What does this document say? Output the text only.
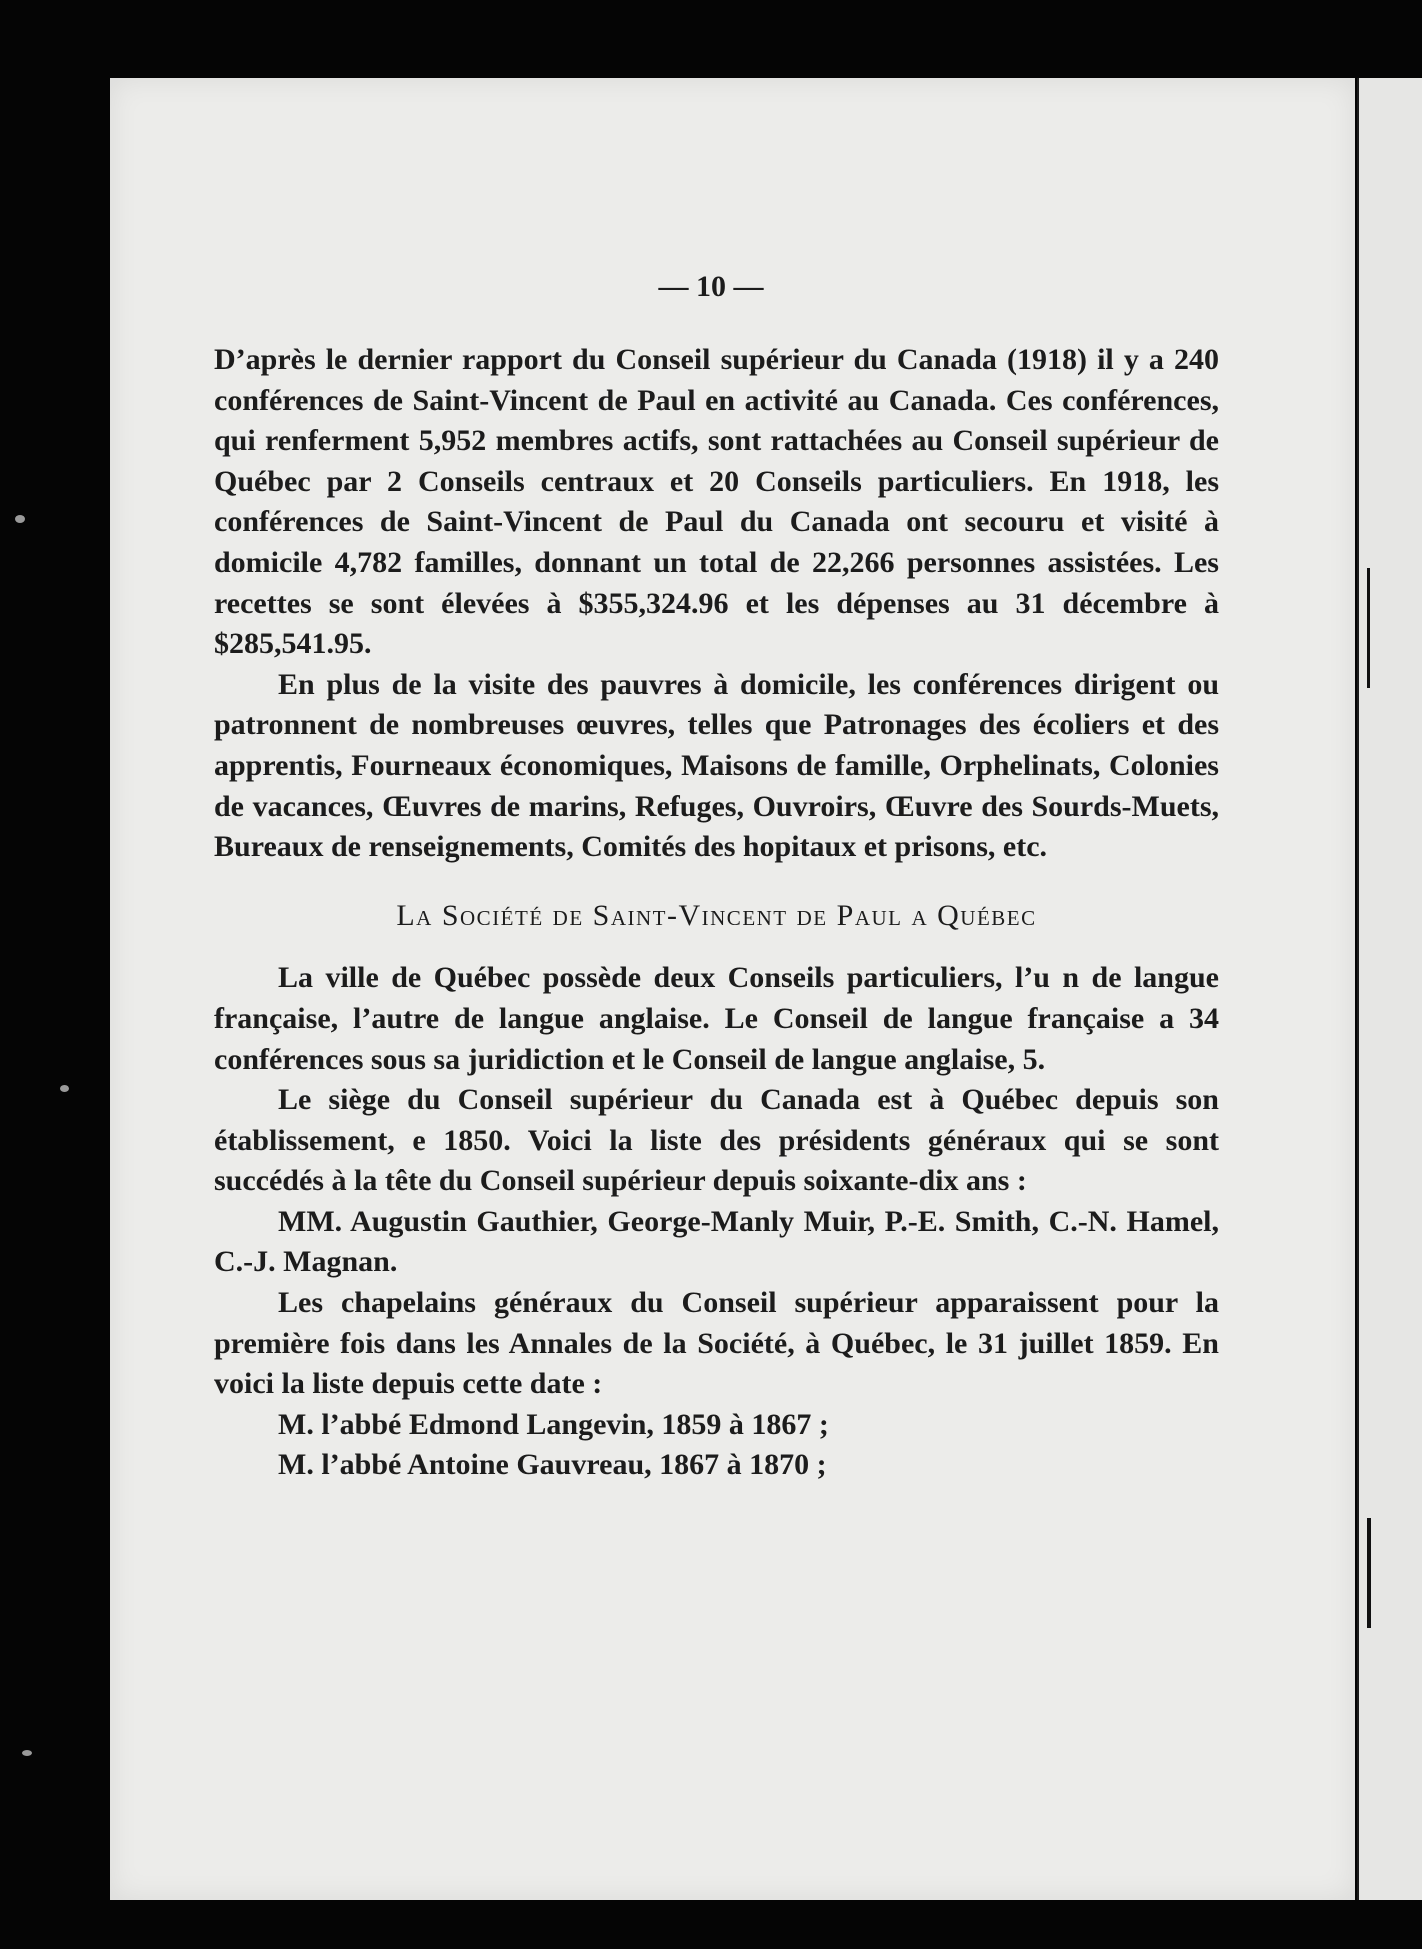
— 10 —

D’après le dernier rapport du Conseil supérieur du Canada (1918) il y a 240 conférences de Saint-Vincent de Paul en activité au Canada. Ces conférences, qui renferment 5,952 membres actifs, sont rattachées au Conseil supérieur de Québec par 2 Conseils centraux et 20 Conseils particuliers. En 1918, les conférences de Saint-Vincent de Paul du Canada ont secouru et visité à domicile 4,782 familles, donnant un total de 22,266 personnes assistées. Les recettes se sont élevées à $355,324.96 et les dépenses au 31 décembre à $285,541.95.

En plus de la visite des pauvres à domicile, les conférences dirigent ou patronnent de nombreuses œuvres, telles que Patronages des écoliers et des apprentis, Fourneaux économiques, Maisons de famille, Orphelinats, Colonies de vacances, Œuvres de marins, Refuges, Ouvroirs, Œuvre des Sourds-Muets, Bureaux de renseignements, Comités des hopitaux et prisons, etc.

La Société de Saint-Vincent de Paul a Québec

La ville de Québec possède deux Conseils particuliers, l’u n de langue française, l’autre de langue anglaise. Le Conseil de langue française a 34 conférences sous sa juridiction et le Conseil de langue anglaise, 5.

Le siège du Conseil supérieur du Canada est à Québec depuis son établissement, e 1850. Voici la liste des présidents généraux qui se sont succédés à la tête du Conseil supérieur depuis soixante-dix ans :

MM. Augustin Gauthier, George-Manly Muir, P.-E. Smith, C.-N. Hamel, C.-J. Magnan.

Les chapelains généraux du Conseil supérieur apparaissent pour la première fois dans les Annales de la Société, à Québec, le 31 juillet 1859. En voici la liste depuis cette date :

M. l’abbé Edmond Langevin, 1859 à 1867 ;

M. l’abbé Antoine Gauvreau, 1867 à 1870 ;
